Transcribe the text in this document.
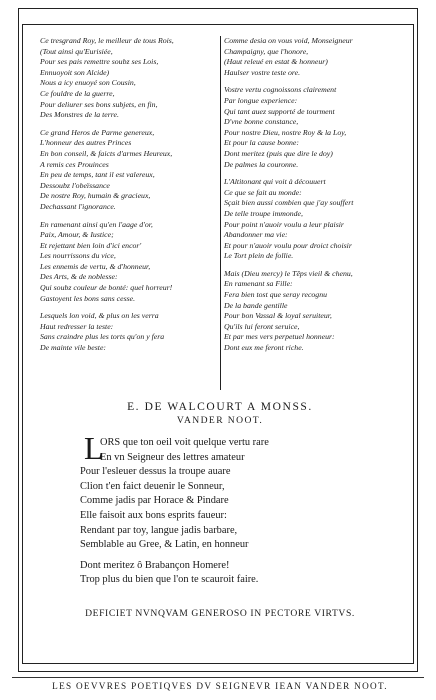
Ce tresgrand Roy, le meilleur de tous Rois,
(Tout ainsi qu'Eurisiée,
Pour ses pais remettre soubz ses Lois,
Ennuoyoit son Alcide)
Nous a icy enuoyé son Cousin,
Ce fouldre de la guerre,
Pour deliurer ses bons subjets, en fin,
Des Monstres de la terre.

Ce grand Heros de Parme genereux,
L'honneur des autres Princes
En bon conseil, & faicts d'armes Heureux,
A remis ces Prouinces
En peu de temps, tant il est valereux,
Dessoubz l'obeïssance
De nostre Roy, humain & gracieux,
Dechassant l'ignorance.

En ramenant ainsi qu'en l'aage d'or,
Paix, Amour, & Iustice;
Et rejettant bien loin d'ici encor'
Les nourrissons du vice,
Les ennemis de vertu, & d'honneur,
Des Arts, & de noblesse:
Qui soubz couleur de bonté: quel horreur!
Gastoyent les bons sans cesse.

Lesquels lon void, & plus on les verra
Haut redresser la teste:
Sans craindre plus les torts qu'on y fera
De mainte vile beste:

Comme desia on vous void, Monseigneur
Champaigny, que l'honore,
(Haut releué en estat & honneur)
Haulser vostre teste ore.

Vostre vertu cognoissons clairement
Par longue experience:
Qui tant auez supporté de tourment
D'vne bonne constance,
Pour nostre Dieu, nostre Roy & la Loy,
Et pour la cause bonne:
Dont meritez (puis que dire le doy)
De palmes la couronne.

L'Altitonant qui voit à découuert
Ce que se fait au monde:
Sçait bien aussi combien que j'ay souffert
De telle troupe immonde,
Pour point n'auoir voulu a leur plaisir
Abandonner ma vie:
Et pour n'auoir voulu pour droict choisir
Le Tort plein de follie.

Mais (Dieu mercy) le Tēps vieil & chenu,
En ramenant sa Fille:
Fera bien tost que seray recognu
De la bande gentille
Pour bon Vassal & loyal seruiteur,
Qu'ils lui feront seruice,
Et par mes vers perpetuel honneur:
Dont eux me feront riche.

E. DE WALCOURT A MONSS.
VANDER NOOT.
L
ORS que ton oeil voit quelque vertu rare
En vn Seigneur des lettres amateur
Pour l'esleuer dessus la troupe auare
Clion t'en faict deuenir le Sonneur,
Comme jadis par Horace & Pindare
Elle faisoit aux bons esprits faueur:
Rendant par toy, langue jadis barbare,
Semblable au Gree, & Latin, en honneur
Dont meritez ô Brabançon Homere!
Trop plus du bien que l'on te scauroit faire.
DEFICIET NVNQVAM GENEROSO IN PECTORE VIRTVS.
LES OEVVRES POETIQVES DV SEIGNEVR IEAN VANDER NOOT.
